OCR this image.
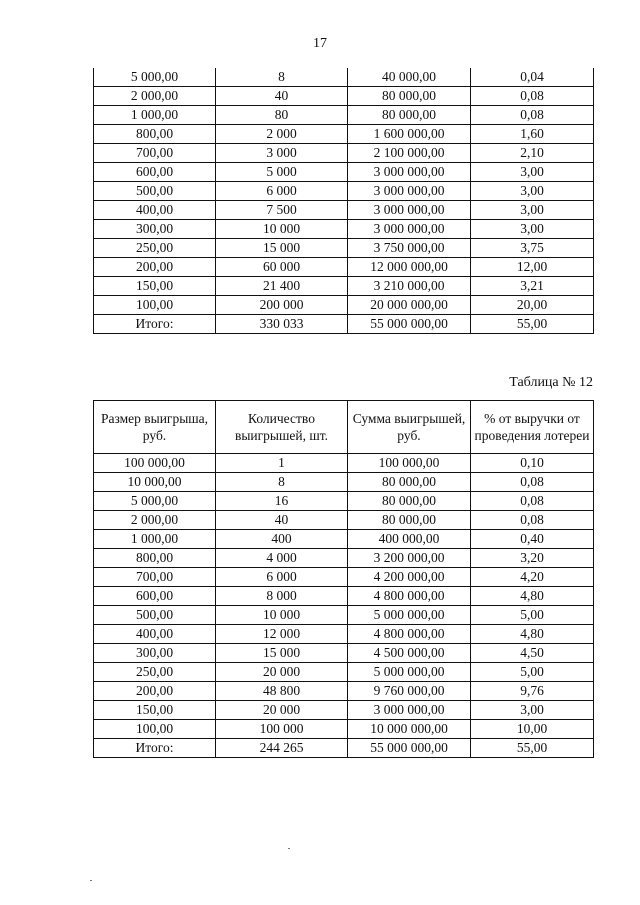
17
5 000,00	8	40 000,00	0,04
2 000,00	40	80 000,00	0,08
1 000,00	80	80 000,00	0,08
800,00	2 000	1 600 000,00	1,60
700,00	3 000	2 100 000,00	2,10
600,00	5 000	3 000 000,00	3,00
500,00	6 000	3 000 000,00	3,00
400,00	7 500	3 000 000,00	3,00
300,00	10 000	3 000 000,00	3,00
250,00	15 000	3 750 000,00	3,75
200,00	60 000	12 000 000,00	12,00
150,00	21 400	3 210 000,00	3,21
100,00	200 000	20 000 000,00	20,00
Итого:	330 033	55 000 000,00	55,00
Таблица № 12
Размер выигрыша, руб.	Количество выигрышей, шт.	Сумма выигрышей, руб.	% от выручки от проведения лотереи
100 000,00	1	100 000,00	0,10
10 000,00	8	80 000,00	0,08
5 000,00	16	80 000,00	0,08
2 000,00	40	80 000,00	0,08
1 000,00	400	400 000,00	0,40
800,00	4 000	3 200 000,00	3,20
700,00	6 000	4 200 000,00	4,20
600,00	8 000	4 800 000,00	4,80
500,00	10 000	5 000 000,00	5,00
400,00	12 000	4 800 000,00	4,80
300,00	15 000	4 500 000,00	4,50
250,00	20 000	5 000 000,00	5,00
200,00	48 800	9 760 000,00	9,76
150,00	20 000	3 000 000,00	3,00
100,00	100 000	10 000 000,00	10,00
Итого:	244 265	55 000 000,00	55,00
